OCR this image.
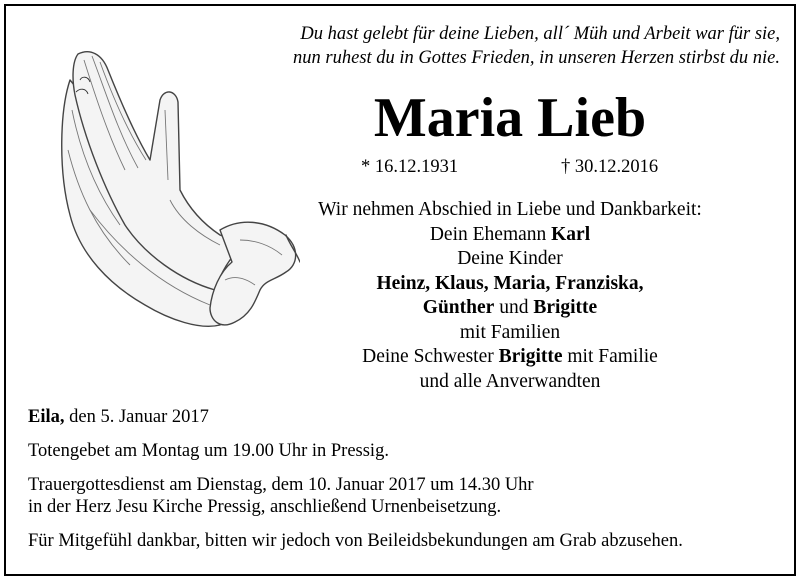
Du hast gelebt für deine Lieben, all´ Müh und Arbeit war für sie,
nun ruhest du in Gottes Frieden, in unseren Herzen stirbst du nie.
Maria Lieb
* 16.12.1931	† 30.12.2016
Wir nehmen Abschied in Liebe und Dankbarkeit:
Dein Ehemann Karl
Deine Kinder
Heinz, Klaus, Maria, Franziska,
Günther und Brigitte
mit Familien
Deine Schwester Brigitte mit Familie
und alle Anverwandten
Eila, den 5. Januar 2017
Totengebet am Montag um 19.00 Uhr in Pressig.
Trauergottesdienst am Dienstag, dem 10. Januar 2017 um 14.30 Uhr
in der Herz Jesu Kirche Pressig, anschließend Urnenbeisetzung.
Für Mitgefühl dankbar, bitten wir jedoch von Beileidsbekundungen am Grab abzusehen.
